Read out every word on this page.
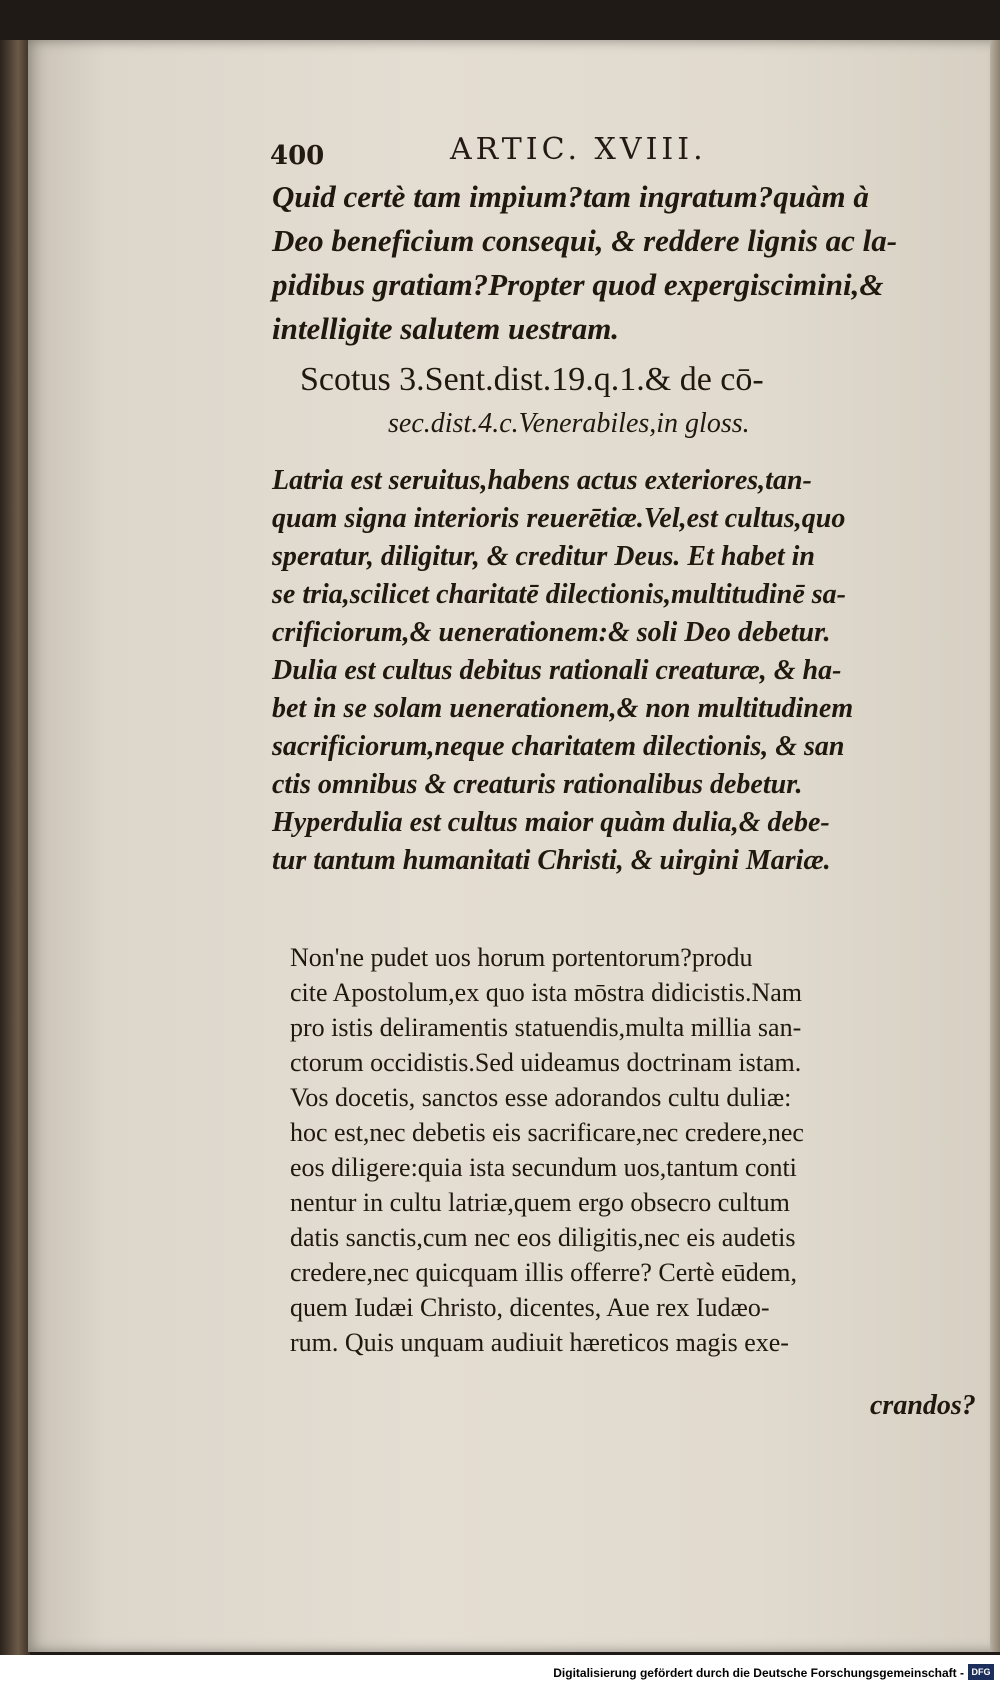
400	ARTIC. XVIII.
Quid certè tam impium?tam ingratum?quàm à
Deo beneficium consequi, & reddere lignis ac la-
pidibus gratiam?Propter quod expergiscimini,&
intelligite salutem uestram.
Scotus 3.Sent.dist.19.q.1.& de cō-
sec.dist.4.c.Venerabiles,in gloss.
Latria est seruitus,habens actus exteriores,tan-
quam signa interioris reuerētiæ.Vel,est cultus,quo
speratur, diligitur, & creditur Deus. Et habet in
se tria,scilicet charitatē dilectionis,multitudinē sa-
crificiorum,& uenerationem:& soli Deo debetur.
Dulia est cultus debitus rationali creaturæ, & ha-
bet in se solam uenerationem,& non multitudinem
sacrificiorum,neque charitatem dilectionis, & san
ctis omnibus & creaturis rationalibus debetur.
Hyperdulia est cultus maior quàm dulia,& debe-
tur tantum humanitati Christi, & uirgini Mariæ.
Non'ne pudet uos horum portentorum?produ
cite Apostolum,ex quo ista mōstra didicistis.Nam
pro istis deliramentis statuendis,multa millia san-
ctorum occidistis.Sed uideamus doctrinam istam.
Vos docetis, sanctos esse adorandos cultu duliæ:
hoc est,nec debetis eis sacrificare,nec credere,nec
eos diligere:quia ista secundum uos,tantum conti
nentur in cultu latriæ,quem ergo obsecro cultum
datis sanctis,cum nec eos diligitis,nec eis audetis
credere,nec quicquam illis offerre? Certè eūdem,
quem Iudæi Christo, dicentes, Aue rex Iudæo-
rum. Quis unquam audiuit hæreticos magis exe-
crandos?
Digitalisierung gefördert durch die Deutsche Forschungsgemeinschaft - DFG
